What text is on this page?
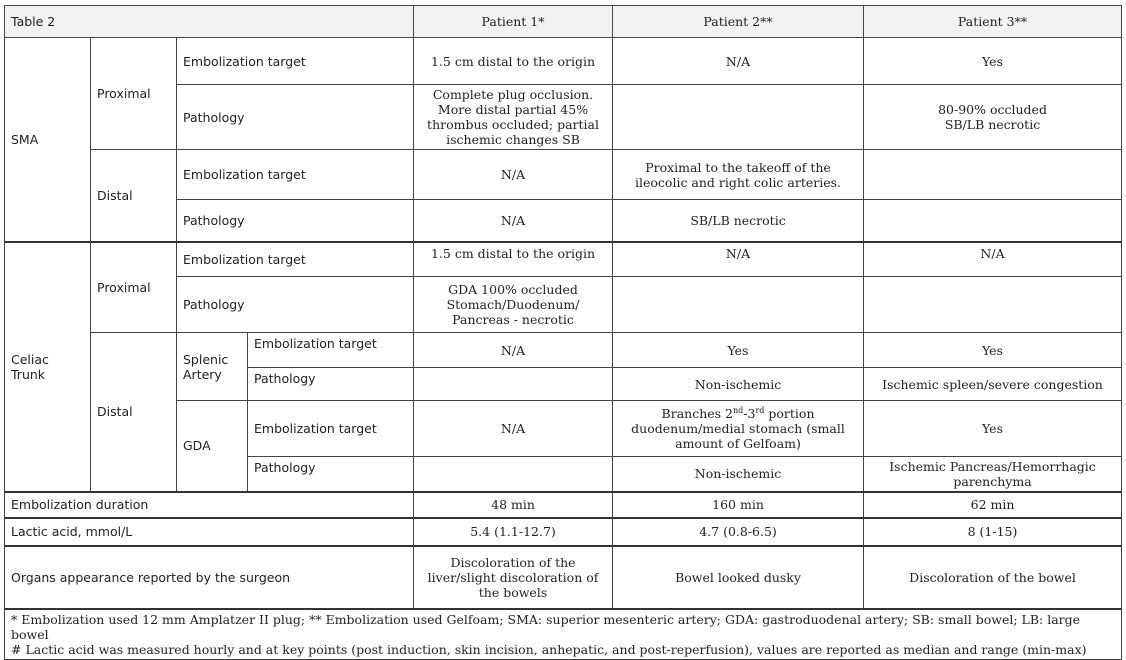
Table 2				Patient 1*	Patient 2**	Patient 3**
SMA	Proximal	Embolization target		1.5 cm distal to the origin	N/A	Yes
		Pathology		Complete plug occlusion.
More distal partial 45%
thrombus occluded; partial
ischemic changes SB		80-90% occluded
SB/LB necrotic

	Distal	Embolization target		N/A	Proximal to the takeoff of the
ileocolic and right colic arteries.	

		Pathology		N/A	SB/LB necrotic	

Celiac
Trunk	Proximal	Embolization target		1.5 cm distal to the origin	N/A	N/A
		Pathology		GDA 100% occluded
Stomach/Duodenum/
Pancreas - necrotic		

	Distal	Splenic
Artery	Embolization target	N/A	Yes	Yes
			Pathology		Non-ischemic	Ischemic spleen/severe congestion
		GDA	Embolization target	N/A	Branches 2nd-3rd portion
duodenum/medial stomach (small
amount of Gelfoam)	Yes
			Pathology		Non-ischemic	Ischemic Pancreas/Hemorrhagic
parenchyma

Embolization duration				48 min	160 min	62 min
Lactic acid, mmol/L				5.4 (1.1-12.7)	4.7 (0.8-6.5)	8 (1-15)
Organs appearance reported by the surgeon				Discoloration of the
liver/slight discoloration of
the bowels	Bowel looked dusky	Discoloration of the bowel

* Embolization used 12 mm Amplatzer II plug; ** Embolization used Gelfoam; SMA: superior mesenteric artery; GDA: gastroduodenal artery; SB: small bowel; LB: large bowel
# Lactic acid was measured hourly and at key points (post induction, skin incision, anhepatic, and post-reperfusion), values are reported as median and range (min-max)						
